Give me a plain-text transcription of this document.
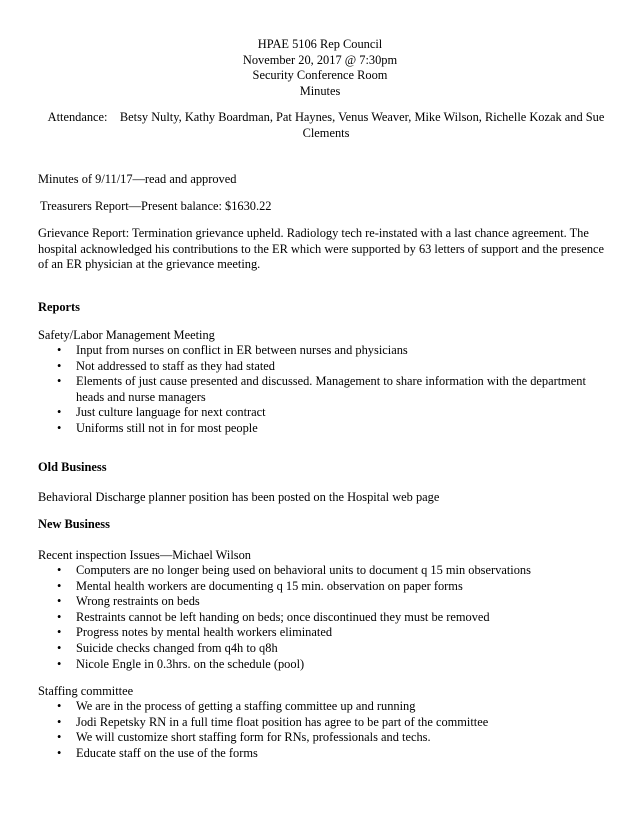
HPAE 5106 Rep Council
November 20, 2017 @ 7:30pm
Security Conference Room
Minutes
Attendance: Betsy Nulty, Kathy Boardman, Pat Haynes, Venus Weaver, Mike Wilson, Richelle Kozak and Sue Clements
Minutes of 9/11/17—read and approved
Treasurers Report—Present balance: $1630.22
Grievance Report: Termination grievance upheld. Radiology tech re-instated with a last chance agreement. The hospital acknowledged his contributions to the ER which were supported by 63 letters of support and the presence of an ER physician at the grievance meeting.
Reports
Safety/Labor Management Meeting
• Input from nurses on conflict in ER between nurses and physicians
• Not addressed to staff as they had stated
• Elements of just cause presented and discussed. Management to share information with the department heads and nurse managers
• Just culture language for next contract
• Uniforms still not in for most people
Old Business
Behavioral Discharge planner position has been posted on the Hospital web page
New Business
Recent inspection Issues—Michael Wilson
• Computers are no longer being used on behavioral units to document q 15 min observations
• Mental health workers are documenting q 15 min. observation on paper forms
• Wrong restraints on beds
• Restraints cannot be left handing on beds; once discontinued they must be removed
• Progress notes by mental health workers eliminated
• Suicide checks changed from q4h to q8h
• Nicole Engle in 0.3hrs. on the schedule (pool)
Staffing committee
• We are in the process of getting a staffing committee up and running
• Jodi Repetsky RN in a full time float position has agree to be part of the committee
• We will customize short staffing form for RNs, professionals and techs.
• Educate staff on the use of the forms
